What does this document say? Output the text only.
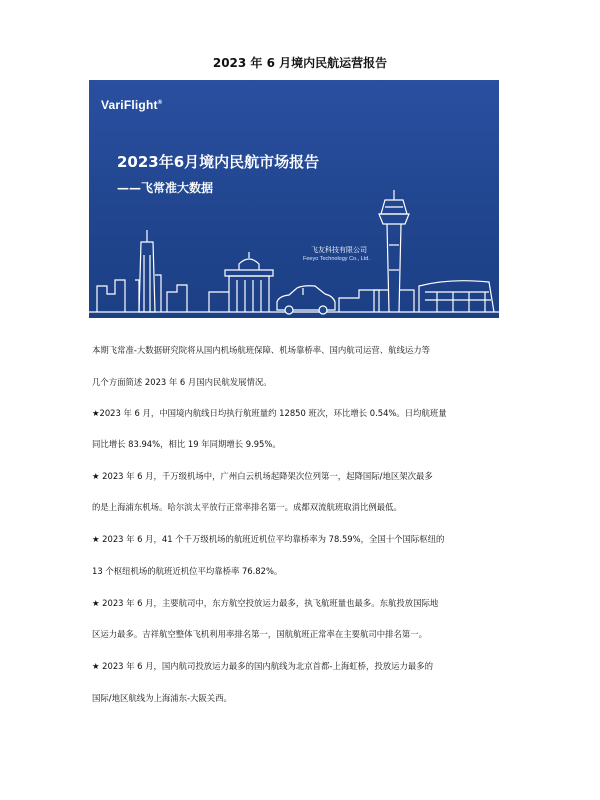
2023 年 6 月境内民航运营报告
VariFlight®
2023年6月境内民航市场报告
——飞常准大数据
飞友科技有限公司
Feeyo Technology Co., Ltd.
本期飞常准-大数据研究院将从国内机场航班保障、机场靠桥率、国内航司运营、航线运力等
几个方面简述 2023 年 6 月国内民航发展情况。
★2023 年 6 月，中国境内航线日均执行航班量约 12850 班次，环比增长 0.54%。日均航班量
同比增长 83.94%，相比 19 年同期增长 9.95%。
★ 2023 年 6 月，千万级机场中，广州白云机场起降架次位列第一，起降国际/地区架次最多
的是上海浦东机场。哈尔滨太平放行正常率排名第一。成都双流航班取消比例最低。
★ 2023 年 6 月，41 个千万级机场的航班近机位平均靠桥率为 78.59%，全国十个国际枢纽的
13 个枢纽机场的航班近机位平均靠桥率 76.82%。
★ 2023 年 6 月，主要航司中，东方航空投放运力最多，执飞航班量也最多。东航投放国际地
区运力最多。吉祥航空整体飞机利用率排名第一，国航航班正常率在主要航司中排名第一。
★ 2023 年 6 月，国内航司投放运力最多的国内航线为北京首都-上海虹桥，投放运力最多的
国际/地区航线为上海浦东-大阪关西。
